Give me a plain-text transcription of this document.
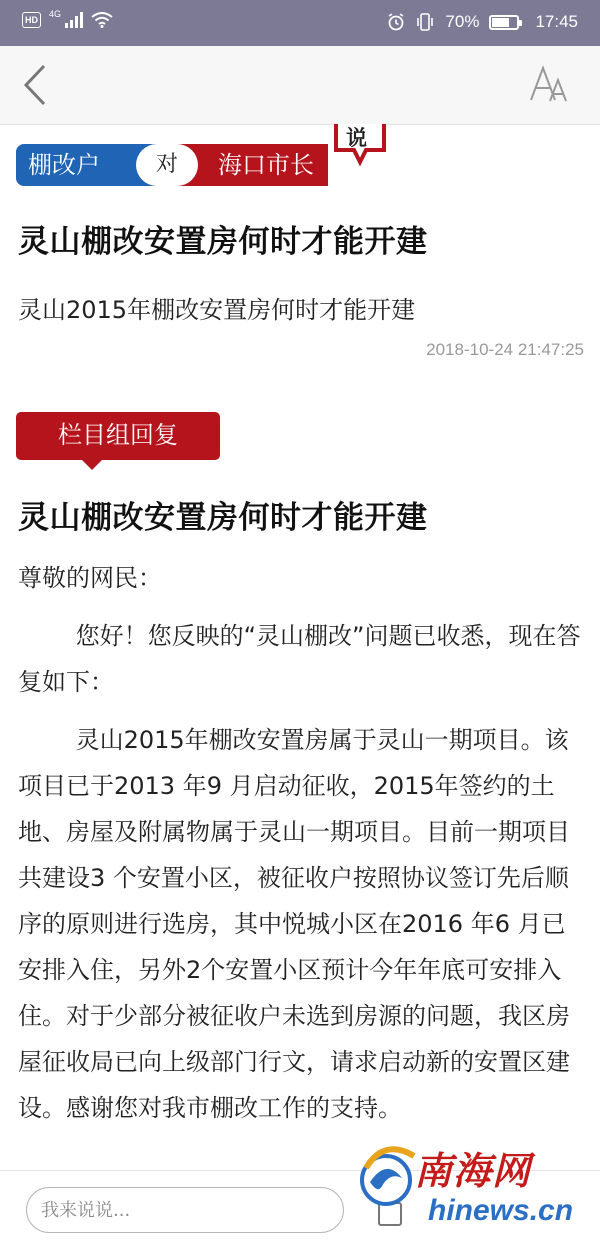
HD
4G	70%	17:45
棚改户	海口市长
对
说
灵山棚改安置房何时才能开建
灵山2015年棚改安置房何时才能开建
2018-10-24 21:47:25
栏目组回复
灵山棚改安置房何时才能开建

尊敬的网民：

您好！您反映的“灵山棚改”问题已收悉，现在答复如下：

灵山2015年棚改安置房属于灵山一期项目。该项目已于2013 年9 月启动征收，2015年签约的土地、房屋及附属物属于灵山一期项目。目前一期项目共建设3 个安置小区，被征收户按照协议签订先后顺序的原则进行选房，其中悦城小区在2016 年6 月已安排入住，另外2个安置小区预计今年年底可安排入住。对于少部分被征收户未选到房源的问题，我区房屋征收局已向上级部门行文，请求启动新的安置区建设。感谢您对我市棚改工作的支持。

我来说说...
南海网
hinews.cn
